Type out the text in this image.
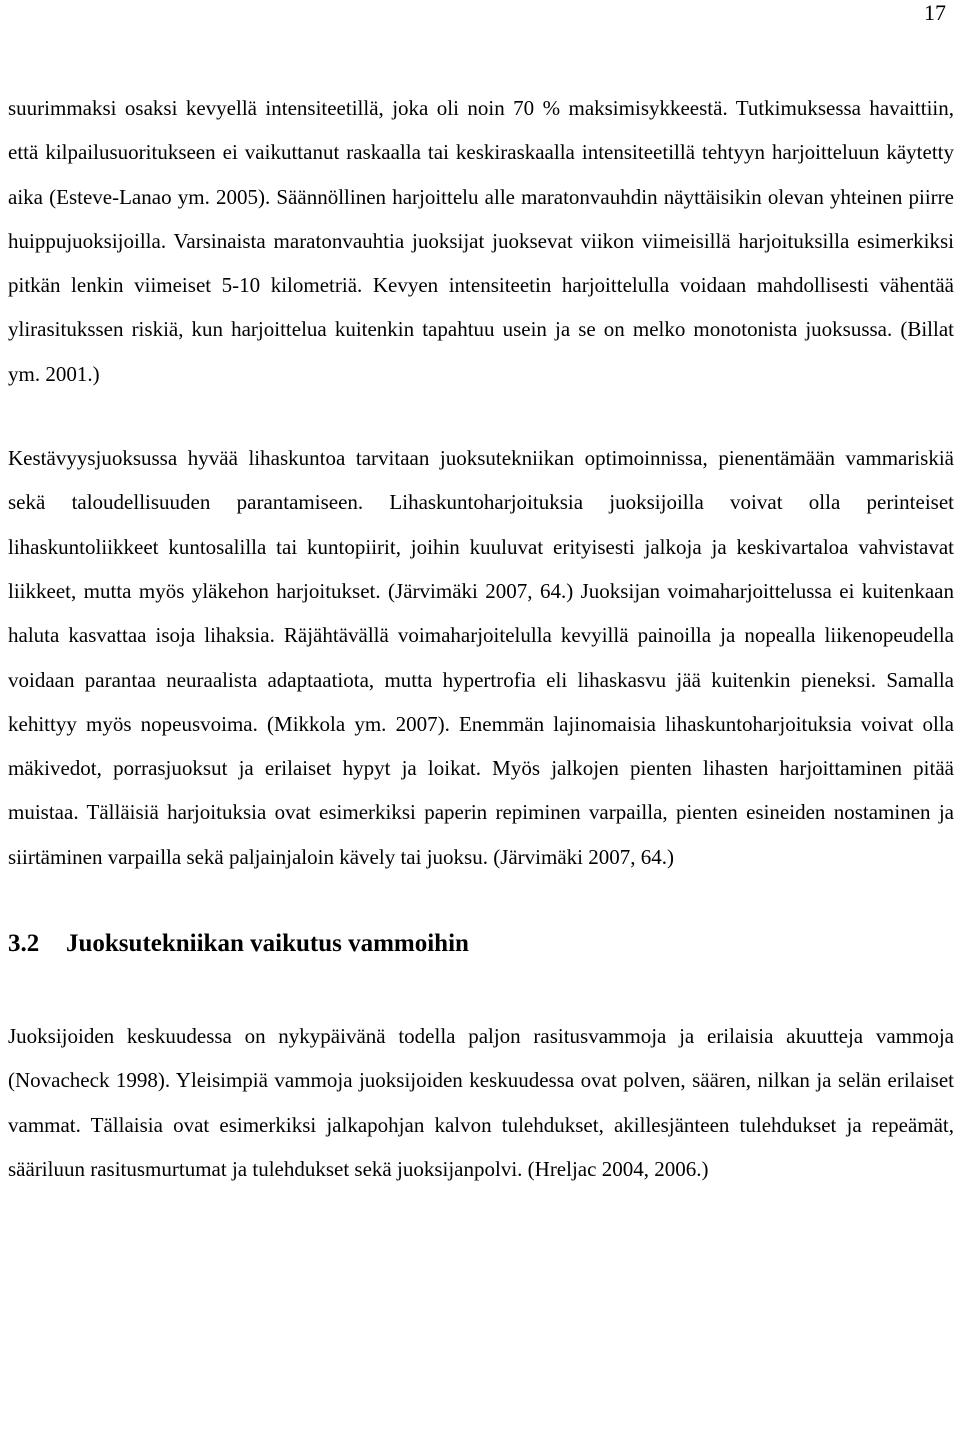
17

suurimmaksi osaksi kevyellä intensiteetillä, joka oli noin 70 % maksimisykkeestä. Tutkimuksessa havaittiin, että kilpailusuoritukseen ei vaikuttanut raskaalla tai keskiraskaalla intensiteetillä tehtyyn harjoitteluun käytetty aika (Esteve-Lanao ym. 2005). Säännöllinen harjoittelu alle maratonvauhdin näyttäisikin olevan yhteinen piirre huippujuoksijoilla. Varsinaista maratonvauhtia juoksijat juoksevat viikon viimeisillä harjoituksilla esimerkiksi pitkän lenkin viimeiset 5-10 kilometriä. Kevyen intensiteetin harjoittelulla voidaan mahdollisesti vähentää ylirasitukssen riskiä, kun harjoittelua kuitenkin tapahtuu usein ja se on melko monotonista juoksussa. (Billat ym. 2001.)

Kestävyysjuoksussa hyvää lihaskuntoa tarvitaan juoksutekniikan optimoinnissa, pienentämään vammariskiä sekä taloudellisuuden parantamiseen. Lihaskuntoharjoituksia juoksijoilla voivat olla perinteiset lihaskuntoliikkeet kuntosalilla tai kuntopiirit, joihin kuuluvat erityisesti jalkoja ja keskivartaloa vahvistavat liikkeet, mutta myös yläkehon harjoitukset. (Järvimäki 2007, 64.) Juoksijan voimaharjoittelussa ei kuitenkaan haluta kasvattaa isoja lihaksia. Räjähtävällä voimaharjoitelulla kevyillä painoilla ja nopealla liikenopeudella voidaan parantaa neuraalista adaptaatiota, mutta hypertrofia eli lihaskasvu jää kuitenkin pieneksi. Samalla kehittyy myös nopeusvoima. (Mikkola ym. 2007). Enemmän lajinomaisia lihaskuntoharjoituksia voivat olla mäkivedot, porrasjuoksut ja erilaiset hypyt ja loikat. Myös jalkojen pienten lihasten harjoittaminen pitää muistaa. Tälläisiä harjoituksia ovat esimerkiksi paperin repiminen varpailla, pienten esineiden nostaminen ja siirtäminen varpailla sekä paljainjaloin kävely tai juoksu. (Järvimäki 2007, 64.)

3.2	Juoksutekniikan vaikutus vammoihin

Juoksijoiden keskuudessa on nykypäivänä todella paljon rasitusvammoja ja erilaisia akuutteja vammoja (Novacheck 1998). Yleisimpiä vammoja juoksijoiden keskuudessa ovat polven, säären, nilkan ja selän erilaiset vammat. Tällaisia ovat esimerkiksi jalkapohjan kalvon tulehdukset, akillesjänteen tulehdukset ja repeämät, sääriluun rasitusmurtumat ja tulehdukset sekä juoksijanpolvi. (Hreljac 2004, 2006.)
